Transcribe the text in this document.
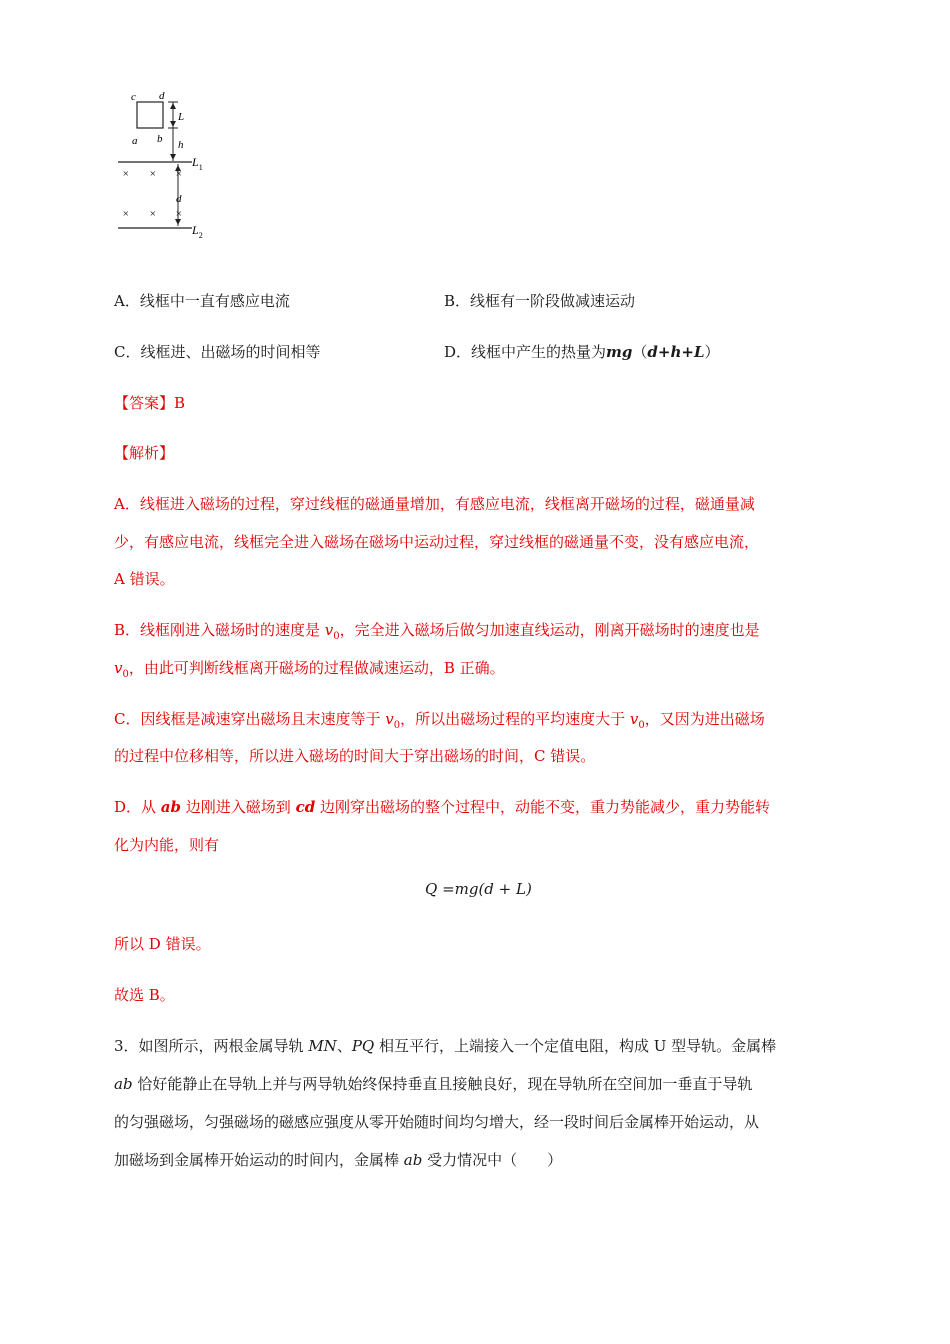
c d
a b
L
h
$L_1$
d
× × ×
× × ×
$L_2$
A．线框中一直有感应电流	B．线框有一阶段做减速运动
C．线框进、出磁场的时间相等	D．线框中产生的热量为mg（d+h+L）
【答案】B
【解析】
A．线框进入磁场的过程，穿过线框的磁通量增加，有感应电流，线框离开磁场的过程，磁通量减
少，有感应电流，线框完全进入磁场在磁场中运动过程，穿过线框的磁通量不变，没有感应电流，
A 错误。
B．线框刚进入磁场时的速度是 $v_0$，完全进入磁场后做匀加速直线运动，刚离开磁场时的速度也是
$v_0$，由此可判断线框离开磁场的过程做减速运动，B 正确。
C．因线框是减速穿出磁场且末速度等于 $v_0$，所以出磁场过程的平均速度大于 $v_0$，又因为进出磁场
的过程中位移相等，所以进入磁场的时间大于穿出磁场的时间，C 错误。
D．从 ab 边刚进入磁场到 cd 边刚穿出磁场的整个过程中，动能不变，重力势能减少，重力势能转
化为内能，则有
Q =mg(d + L)
所以 D 错误。
故选 B。
3．如图所示，两根金属导轨 MN、PQ 相互平行，上端接入一个定值电阻，构成 U 型导轨。金属棒
ab 恰好能静止在导轨上并与两导轨始终保持垂直且接触良好，现在导轨所在空间加一垂直于导轨
的匀强磁场，匀强磁场的磁感应强度从零开始随时间均匀增大，经一段时间后金属棒开始运动，从
加磁场到金属棒开始运动的时间内，金属棒 ab 受力情况中（　　）
